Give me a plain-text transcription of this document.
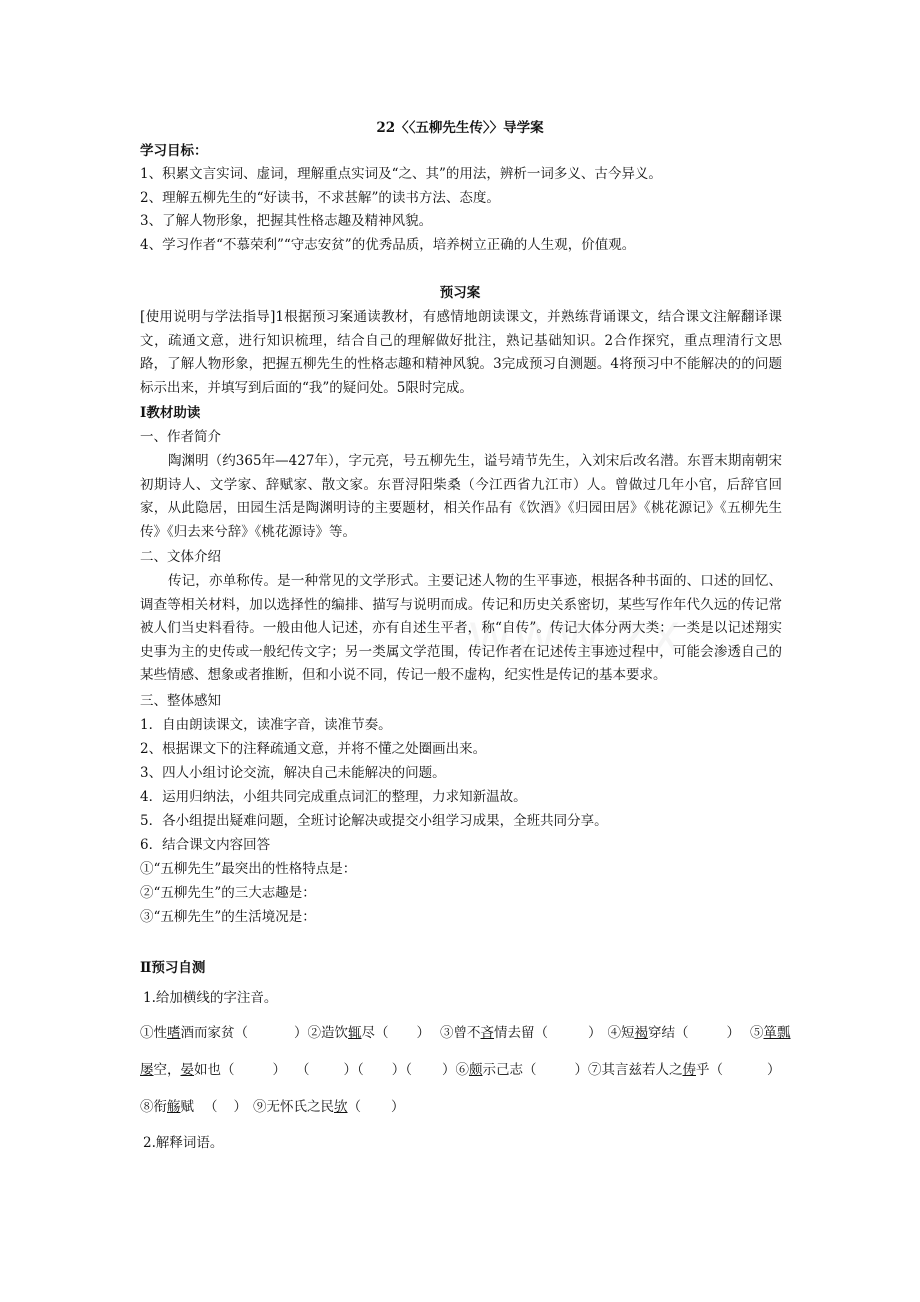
22〈〈五柳先生传〉〉导学案
学习目标：
1、积累文言实词、虚词，理解重点实词及“之、其”的用法，辨析一词多义、古今异义。
2、理解五柳先生的“好读书，不求甚解”的读书方法、态度。
3、了解人物形象，把握其性格志趣及精神风貌。
4、学习作者“不慕荣利”“守志安贫”的优秀品质，培养树立正确的人生观，价值观。
预习案
[使用说明与学法指导]1根据预习案通读教材，有感情地朗读课文，并熟练背诵课文，结合课文注解翻译课文，疏通文意，进行知识梳理，结合自己的理解做好批注，熟记基础知识。2合作探究，重点理清行文思路，了解人物形象，把握五柳先生的性格志趣和精神风貌。3完成预习自测题。4将预习中不能解决的的问题标示出来，并填写到后面的“我”的疑问处。5限时完成。
Ⅰ教材助读
一、作者简介
陶渊明（约365年—427年），字元亮，号五柳先生，谥号靖节先生，入刘宋后改名潜。东晋末期南朝宋初期诗人、文学家、辞赋家、散文家。东晋浔阳柴桑（今江西省九江市）人。曾做过几年小官，后辞官回家，从此隐居，田园生活是陶渊明诗的主要题材，相关作品有《饮酒》《归园田居》《桃花源记》《五柳先生传》《归去来兮辞》《桃花源诗》等。
二、文体介绍
传记，亦单称传。是一种常见的文学形式。主要记述人物的生平事迹，根据各种书面的、口述的回忆、调查等相关材料，加以选择性的编排、描写与说明而成。传记和历史关系密切，某些写作年代久远的传记常被人们当史料看待。一般由他人记述，亦有自述生平者，称“自传”。传记大体分两大类：一类是以记述翔实史事为主的史传或一般纪传文字；另一类属文学范围，传记作者在记述传主事迹过程中，可能会渗透自己的某些情感、想象或者推断，但和小说不同，传记一般不虚构，纪实性是传记的基本要求。
三、整体感知
1．自由朗读课文，读准字音，读准节奏。
2、根据课文下的注释疏通文意，并将不懂之处圈画出来。
3、四人小组讨论交流，解决自己未能解决的问题。
4．运用归纳法，小组共同完成重点词汇的整理，力求知新温故。
5．各小组提出疑难问题，全班讨论解决或提交小组学习成果，全班共同分享。
6．结合课文内容回答
①“五柳先生”最突出的性格特点是：
②“五柳先生”的三大志趣是：
③“五柳先生”的生活境况是：
Ⅱ预习自测
1.给加横线的字注音。
①性嗜酒而家贫（	）②造饮辄尽（ ） ③曾不吝情去留（	） ④短褐穿结（	） ⑤箪瓢
屡空，晏如也（	） （	）（ ）（ ）⑥颇示己志（	）⑦其言兹若人之俦乎（	）
⑧衔觞赋 （ ） ⑨无怀氏之民欤（ ）
2.解释词语。
